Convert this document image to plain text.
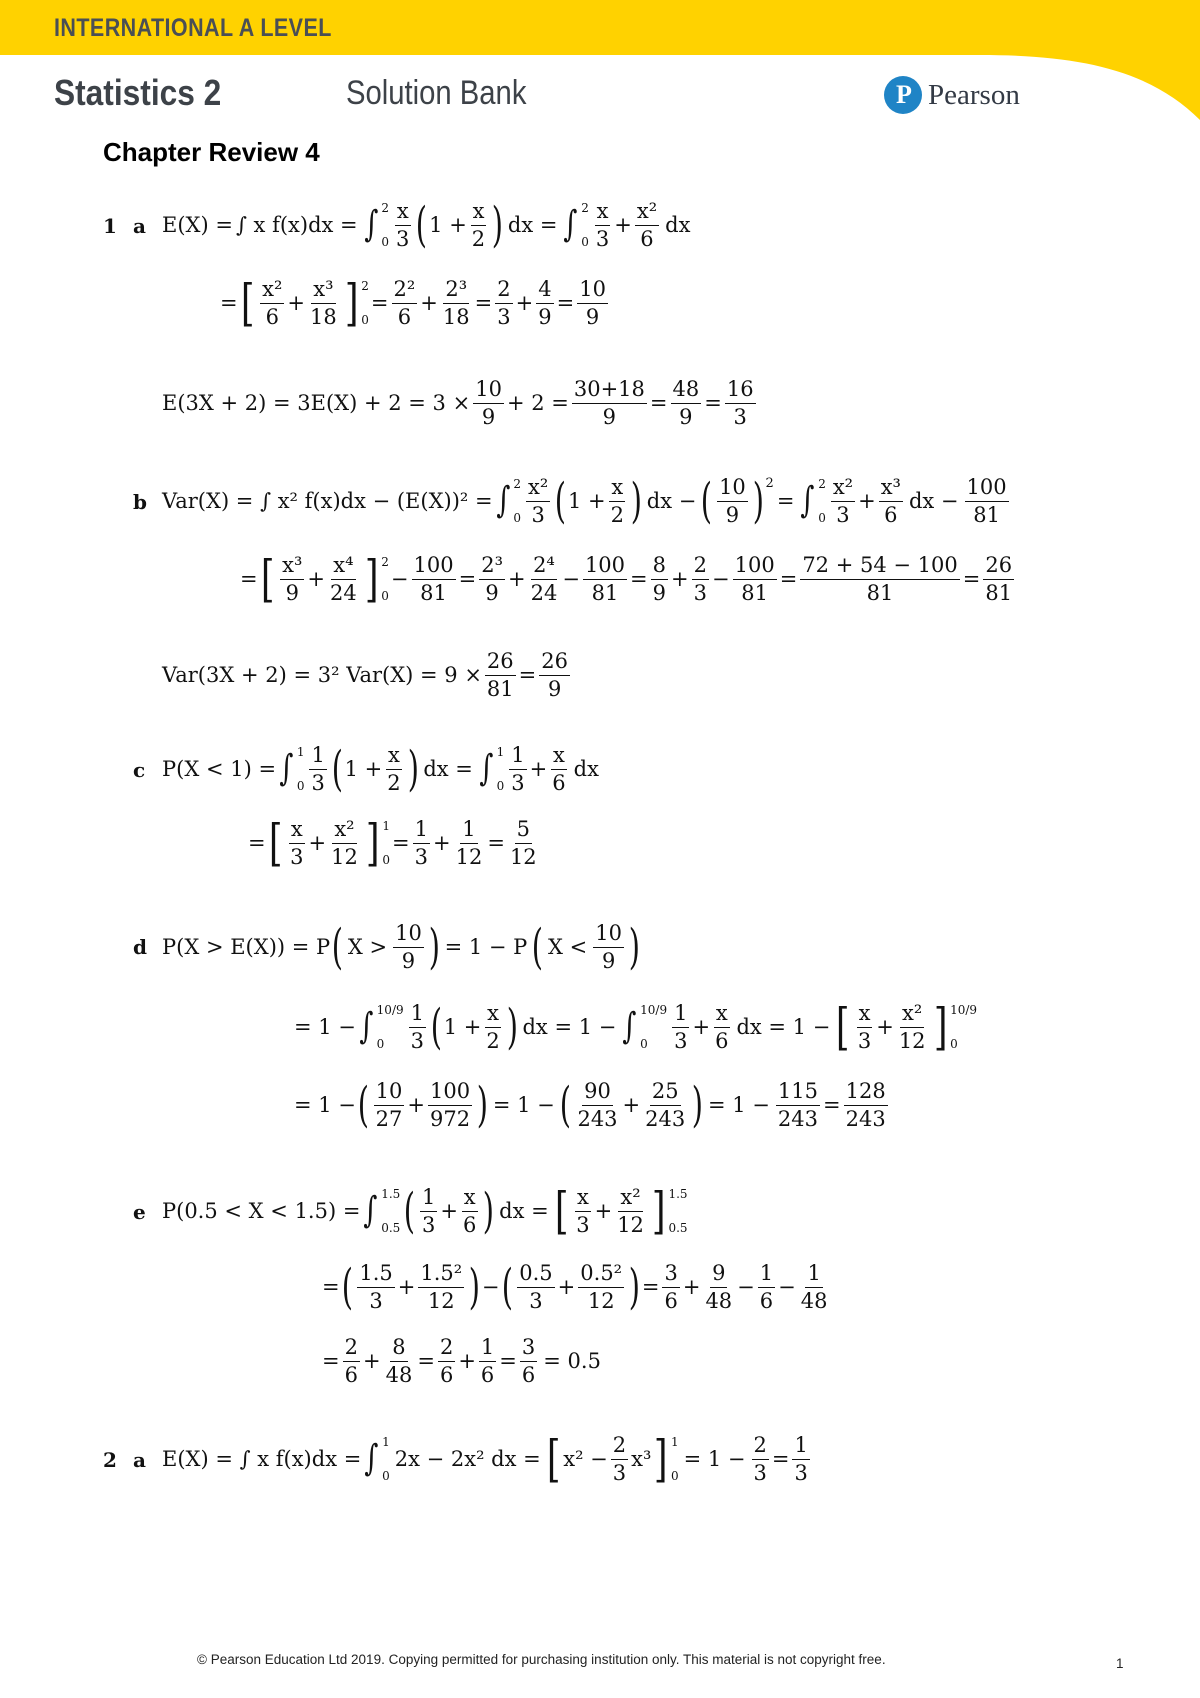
INTERNATIONAL A LEVEL
Statistics 2	Solution Bank	P Pearson
Chapter Review 4
1 a E(X) = ∫ x f(x)dx = ∫ 2
$0 \frac{x}{3}$ ( $1 + \frac{x}{2}$ ) dx = ∫ 2
$0 \frac{x}{3} + \frac{\text{x²}}{6}$ dx
= [ $\frac{\text{x²}}{6} + \frac{\text{x³}}{18}$ ] 2
0
= $\frac{\text{2²}}{6} + \frac{\text{2³}}{18} = \frac{2}{3} + \frac{4}{9} = \frac{10}{9}$
$E(3X + 2) = 3E(X) + 2 = 3 \times \frac{10}{9} + 2 = \frac{30+18}{9} = \frac{48}{9} = \frac{16}{3}$
b Var(X) = ∫ x² f(x)dx − (E(X))² = ∫ 2
$0 \frac{\text{x²}}{3}$ ( $1 + \frac{x}{2}$ ) dx − ( $\frac{10}{9}$ ) 2
= ∫ 2
$0 \frac{\text{x²}}{3} + \frac{\text{x³}}{6}$ dx − $\frac{100}{81}$
= [ $\frac{\text{x³}}{9} + \frac{\text{x⁴}}{24}$ ] 2
0
− $\frac{100}{81} = \frac{\text{2³}}{9} + \frac{\text{2⁴}}{24} - \frac{100}{81} = \frac{8}{9} + \frac{2}{3} - \frac{100}{81} = \frac{72 + 54 - 100}{81} = \frac{26}{81}$
Var(3X + 2) = 3² $Var(X) = 9 \times \frac{26}{81} = \frac{26}{9}$
c P(X < 1) = ∫ 1
$0 \frac{1}{3}$ ( $1 + \frac{x}{2}$ ) dx = ∫ 1
$0 \frac{1}{3} + \frac{x}{6}$ dx
= [ $\frac{x}{3} + \frac{\text{x²}}{12}$ ] 1
0
= $\frac{1}{3} + \frac{1}{12} = \frac{5}{12}$
d P(X > E(X)) = P ( $X > \frac{10}{9}$ ) = 1 − P ( $X < \frac{10}{9}$ )
= 1 − ∫ 10/9
0	$\frac{1}{3}$ ( $1 + \frac{x}{2}$ ) dx = 1 − ∫ 10/9
0	$\frac{1}{3} + \frac{x}{6}$ dx = 1 − [ $\frac{x}{3} + \frac{\text{x²}}{12}$ ] 10/9
0
= 1 − ( $\frac{10}{27} + \frac{100}{972}$ ) = 1 − ( $\frac{90}{243} + \frac{25}{243}$ ) = $1 - \frac{115}{243} = \frac{128}{243}$
e P(0.5 < X < 1.5) = ∫ 1.5
0.5 ( $\frac{1}{3} + \frac{x}{6}$ ) dx = [ $\frac{x}{3} + \frac{\text{x²}}{12}$ ] 1.5
0.5
= ( $\frac{1.5}{3} + \frac{\text{1.5²}}{12}$ ) − ( $\frac{0.5}{3} + \frac{\text{0.5²}}{12}$ ) = $\frac{3}{6} + \frac{9}{48} - \frac{1}{6} - \frac{1}{48}$
= $\frac{2}{6} + \frac{8}{48} = \frac{2}{6} + \frac{1}{6} = \frac{3}{6} = 0.5$
2 a E(X) = ∫ x f(x)dx = ∫ 1
0
2x − 2x² dx = [ $x^2 - \frac{2}{3} x^3$ ] 1
0
= $1 - \frac{2}{3} = \frac{1}{3}$
© Pearson Education Ltd 2019. Copying permitted for purchasing institution only. This material is not copyright free.	1
